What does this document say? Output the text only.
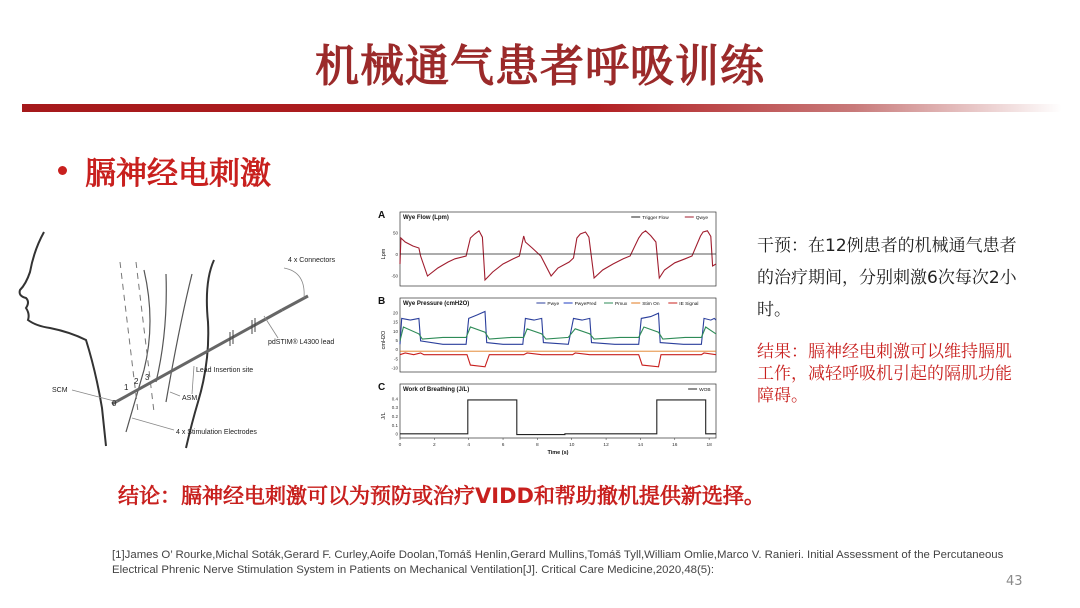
机械通气患者呼吸训练
膈神经电刺激
4 x Connectors
pdSTIM® L4300 lead
Lead Insertion site
SCM
ASM
4 x Stimulation Electrodes
0
1
2 3
A	Wye Flow (Lpm)
Lpm
50
0
-50
Qwye
Trigger Flow
B	Wye Pressure (cmH2O)
cmH2O
20
15
10
5
0
-5
-10
IE Signal
Stim On
Pmux
PwyePred
Pwye
C	Work of Breathing (J/L)
J/L
0.4
0.3
0.2
0.1
0
WOB
0	2	4	6	8	10	12	14	16	18
Time (s)
干预：在12例患者的机械通气患者的治疗期间，分别刺激6次每次2小时。
结果：膈神经电刺激可以维持膈肌工作，减轻呼吸机引起的隔肌功能障碍。
结论：膈神经电刺激可以为预防或治疗VIDD和帮助撤机提供新选择。
[1]James O’ Rourke,Michal Soták,Gerard F. Curley,Aoife Doolan,Tomáš Henlin,Gerard Mullins,Tomáš Tyll,William Omlie,Marco V. Ranieri. Initial Assessment of the Percutaneous Electrical Phrenic Nerve Stimulation System in Patients on Mechanical Ventilation[J]. Critical Care Medicine,2020,48(5):
43
